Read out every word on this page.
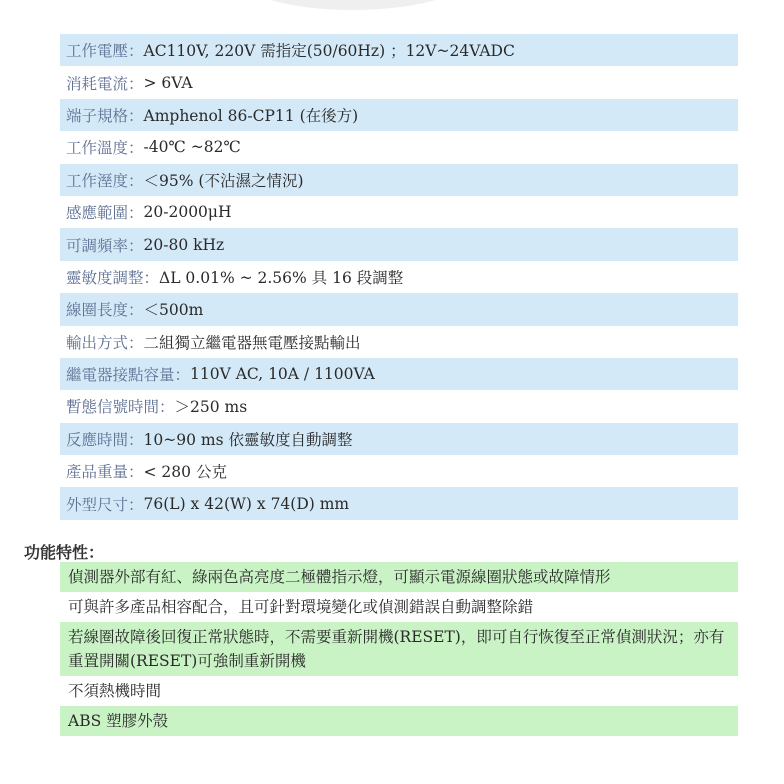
工作電壓： AC110V, 220V 需指定(50/60Hz) ；12V~24VADC
消耗電流： > 6VA
端子規格： Amphenol 86-CP11 (在後方)
工作溫度： -40℃ ~82℃
工作溼度： ＜95% (不沾濕之情況)
感應範圍： 20-2000μH
可調頻率： 20-80 kHz
靈敏度調整： ΔL 0.01% ~ 2.56% 具 16 段調整
線圈長度： ＜500m
輸出方式： 二組獨立繼電器無電壓接點輸出
繼電器接點容量： 110V AC, 10A / 1100VA
暫態信號時間： ＞250 ms
反應時間： 10~90 ms 依靈敏度自動調整
產品重量： < 280 公克
外型尺寸： 76(L) x 42(W) x 74(D) mm
功能特性：
偵測器外部有紅、綠兩色高亮度二極體指示燈，可顯示電源線圈狀態或故障情形
可與許多產品相容配合，且可針對環境變化或偵測錯誤自動調整除錯
若線圈故障後回復正常狀態時，不需要重新開機(RESET)，即可自行恢復至正常偵測狀況；亦有重置開關(RESET)可強制重新開機
不須熱機時間
ABS 塑膠外殼
